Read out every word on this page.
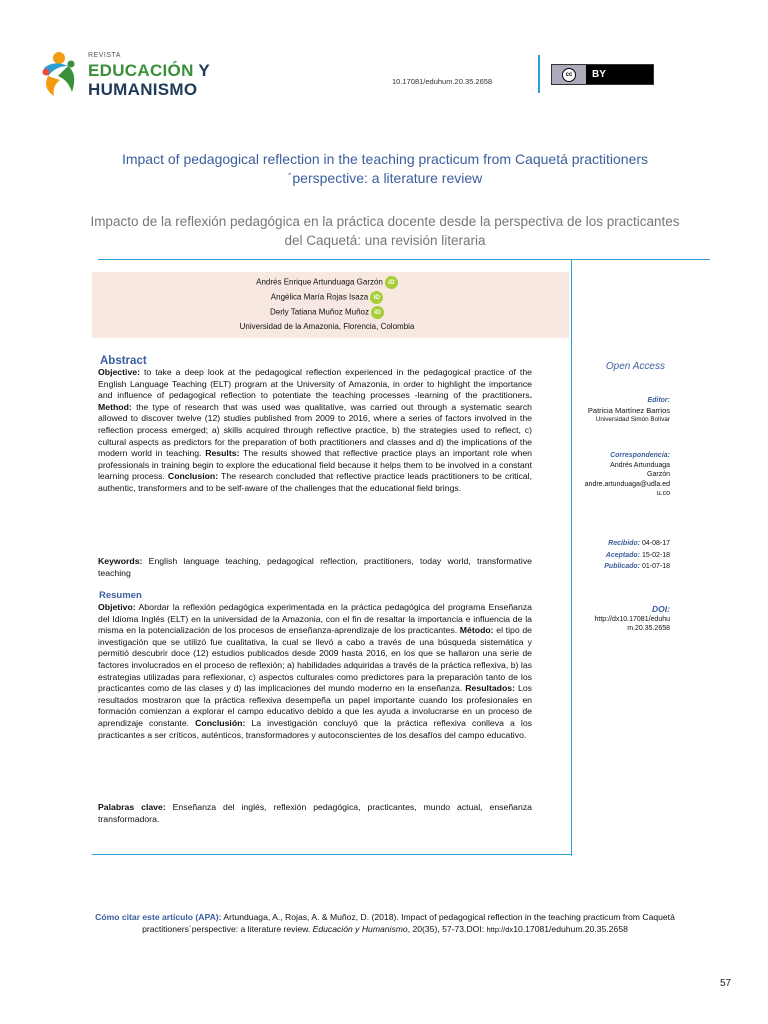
REVISTA
EDUCACIÓN Y
HUMANISMO	10.17081/eduhum.20.35.2658
cc	BY
Impact of pedagogical reflection in the teaching practicum from Caquetá practitioners´perspective: a literature review
Impacto de la reflexión pedagógica en la práctica docente desde la perspectiva de los practicantes del Caquetá: una revisión literaria
Andrés Enrique Artunduaga Garzón iD
Angélica María Rojas Isaza iD
Derly Tatiana Muñoz Muñoz iD
Universidad de la Amazonia, Florencia, Colombia
Abstract
Objective: to take a deep look at the pedagogical reflection experienced in the pedagogical practice of the English Language Teaching (ELT) program at the University of Amazonia, in order to highlight the importance and influence of pedagogical reflection to potentiate the teaching processes -learning of the practitioners. Method: the type of research that was used was qualitative, was carried out through a systematic search allowed to discover twelve (12) studies published from 2009 to 2016, where a series of factors involved in the reflection process emerged; a) skills acquired through reflective practice, b) the strategies used to reflect, c) cultural aspects as predictors for the preparation of both practitioners and classes and d) the implications of the modern world in teaching. Results: The results showed that reflective practice plays an important role when professionals in training begin to explore the educational field because it helps them to be involved in a constant learning process. Conclusion: The research concluded that reflective practice leads practitioners to be critical, authentic, transformers and to be self-aware of the challenges that the educational field brings.
Keywords: English language teaching, pedagogical reflection, practitioners, today world, transformative teaching
Resumen
Objetivo: Abordar la reflexión pedagógica experimentada en la práctica pedagógica del programa Enseñanza del Idioma Inglés (ELT) en la universidad de la Amazonia, con el fin de resaltar la importancia e influencia de la misma en la potencialización de los procesos de enseñanza-aprendizaje de los practicantes. Método: el tipo de investigación que se utilizó fue cualitativa, la cual se llevó a cabo a través de una búsqueda sistemática y permitió descubrir doce (12) estudios publicados desde 2009 hasta 2016, en los que se hallaron una serie de factores involucrados en el proceso de reflexión; a) habilidades adquiridas a través de la práctica reflexiva, b) las estrategias utilizadas para reflexionar, c) aspectos culturales como predictores para la preparación tanto de los practicantes como de las clases y d) las implicaciones del mundo moderno en la enseñanza. Resultados: Los resultados mostraron que la práctica reflexiva desempeña un papel importante cuando los profesionales en formación comienzan a explorar el campo educativo debido a que les ayuda a involucrarse en un proceso de aprendizaje constante. Conclusión: La investigación concluyó que la práctica reflexiva conlleva a los practicantes a ser críticos, auténticos, transformadores y autoconscientes de los desafíos del campo educativo.
Palabras clave: Enseñanza del inglés, reflexión pedagógica, practicantes, mundo actual, enseñanza transformadora.
Open Access
Editor:
Patricia Martínez Barrios
Universidad Simón Bolívar
Correspondencia:
Andrés Artunduaga
Garzón
andre.artunduaga@udla.ed
u.co
Recibido: 04-08-17
Aceptado: 15-02-18
Publicado: 01-07-18
DOI:
http://dx10.17081/eduhu
m.20.35.2658
Cómo citar este artículo (APA): Artunduaga, A., Rojas, A. & Muñoz, D. (2018). Impact of pedagogical reflection in the teaching practicum from Caquetá practitioners´perspective: a literature review. Educación y Humanismo, 20(35), 57-73.DOI: http://dx10.17081/eduhum.20.35.2658
57
